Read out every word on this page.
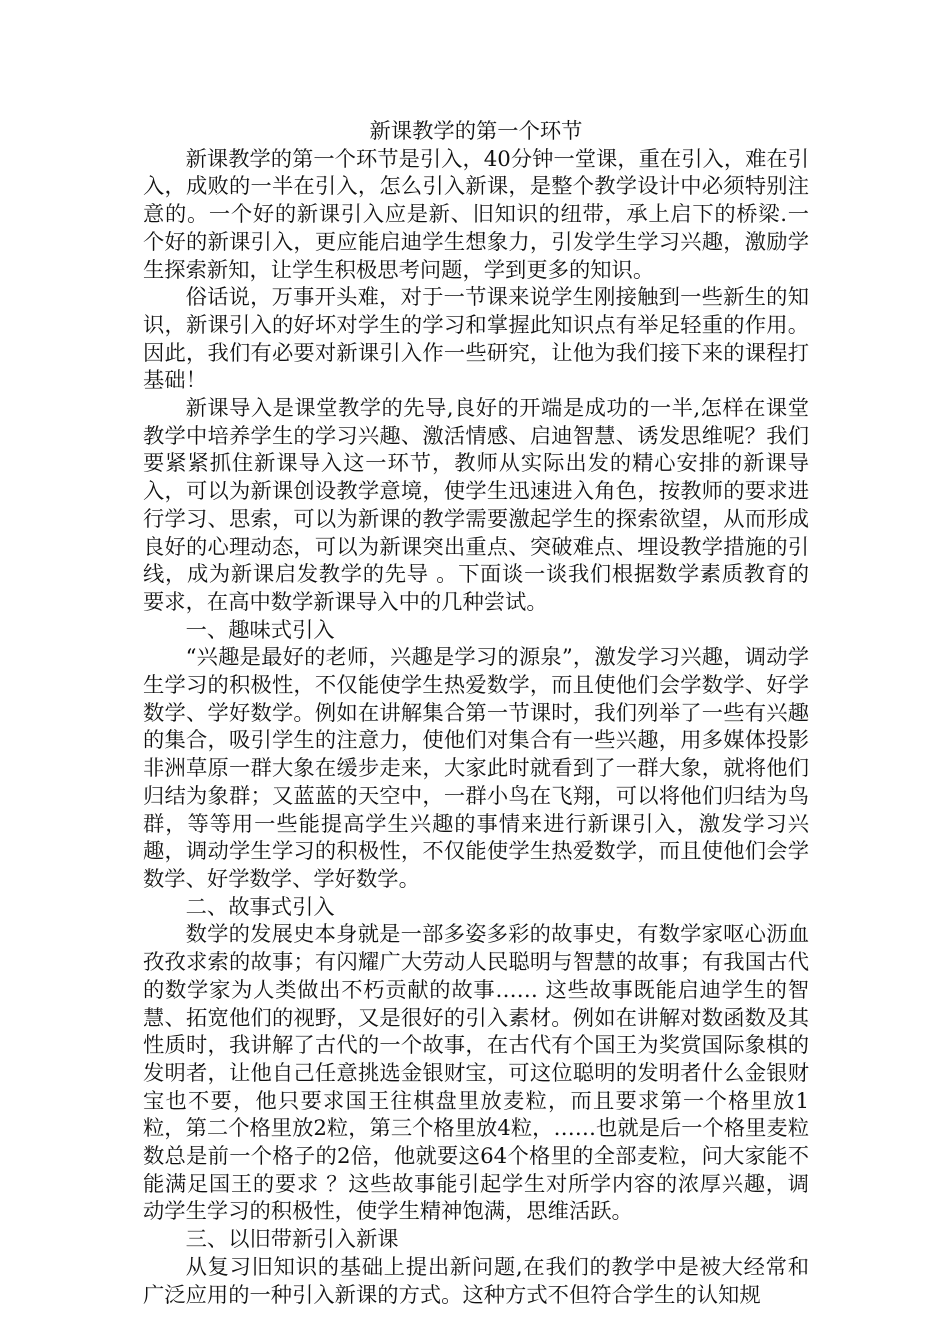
新课教学的第一个环节

新课教学的第一个环节是引入，40分钟一堂课，重在引入，难在引入，成败的一半在引入，怎么引入新课，是整个教学设计中必须特别注意的。一个好的新课引入应是新、旧知识的纽带，承上启下的桥梁.一个好的新课引入，更应能启迪学生想象力，引发学生学习兴趣，激励学生探索新知，让学生积极思考问题，学到更多的知识。

俗话说，万事开头难，对于一节课来说学生刚接触到一些新生的知识，新课引入的好坏对学生的学习和掌握此知识点有举足轻重的作用。因此，我们有必要对新课引入作一些研究，让他为我们接下来的课程打基础！

新课导入是课堂教学的先导,良好的开端是成功的一半,怎样在课堂教学中培养学生的学习兴趣、激活情感、启迪智慧、诱发思维呢？我们要紧紧抓住新课导入这一环节，教师从实际出发的精心安排的新课导入，可以为新课创设教学意境，使学生迅速进入角色，按教师的要求进行学习、思索，可以为新课的教学需要激起学生的探索欲望，从而形成良好的心理动态，可以为新课突出重点、突破难点、埋设教学措施的引线，成为新课启发教学的先导 。下面谈一谈我们根据数学素质教育的要求，在高中数学新课导入中的几种尝试。

一、趣味式引入

“兴趣是最好的老师，兴趣是学习的源泉”，激发学习兴趣，调动学生学习的积极性，不仅能使学生热爱数学，而且使他们会学数学、好学数学、学好数学。例如在讲解集合第一节课时，我们列举了一些有兴趣的集合，吸引学生的注意力，使他们对集合有一些兴趣，用多媒体投影非洲草原一群大象在缓步走来，大家此时就看到了一群大象，就将他们归结为象群；又蓝蓝的天空中，一群小鸟在飞翔，可以将他们归结为鸟群，等等用一些能提高学生兴趣的事情来进行新课引入，激发学习兴趣，调动学生学习的积极性，不仅能使学生热爱数学，而且使他们会学数学、好学数学、学好数学。

二、故事式引入

数学的发展史本身就是一部多姿多彩的故事史，有数学家呕心沥血孜孜求索的故事；有闪耀广大劳动人民聪明与智慧的故事；有我国古代的数学家为人类做出不朽贡献的故事…… 这些故事既能启迪学生的智慧、拓宽他们的视野，又是很好的引入素材。例如在讲解对数函数及其性质时，我讲解了古代的一个故事，在古代有个国王为奖赏国际象棋的发明者，让他自己任意挑选金银财宝，可这位聪明的发明者什么金银财宝也不要，他只要求国王往棋盘里放麦粒，而且要求第一个格里放1粒，第二个格里放2粒，第三个格里放4粒，……也就是后一个格里麦粒数总是前一个格子的2倍，他就要这64个格里的全部麦粒，问大家能不能满足国王的要求 ？这些故事能引起学生对所学内容的浓厚兴趣，调动学生学习的积极性，使学生精神饱满，思维活跃。

三、以旧带新引入新课

从复习旧知识的基础上提出新问题,在我们的教学中是被大经常和广泛应用的一种引入新课的方式。这种方式不但符合学生的认知规
